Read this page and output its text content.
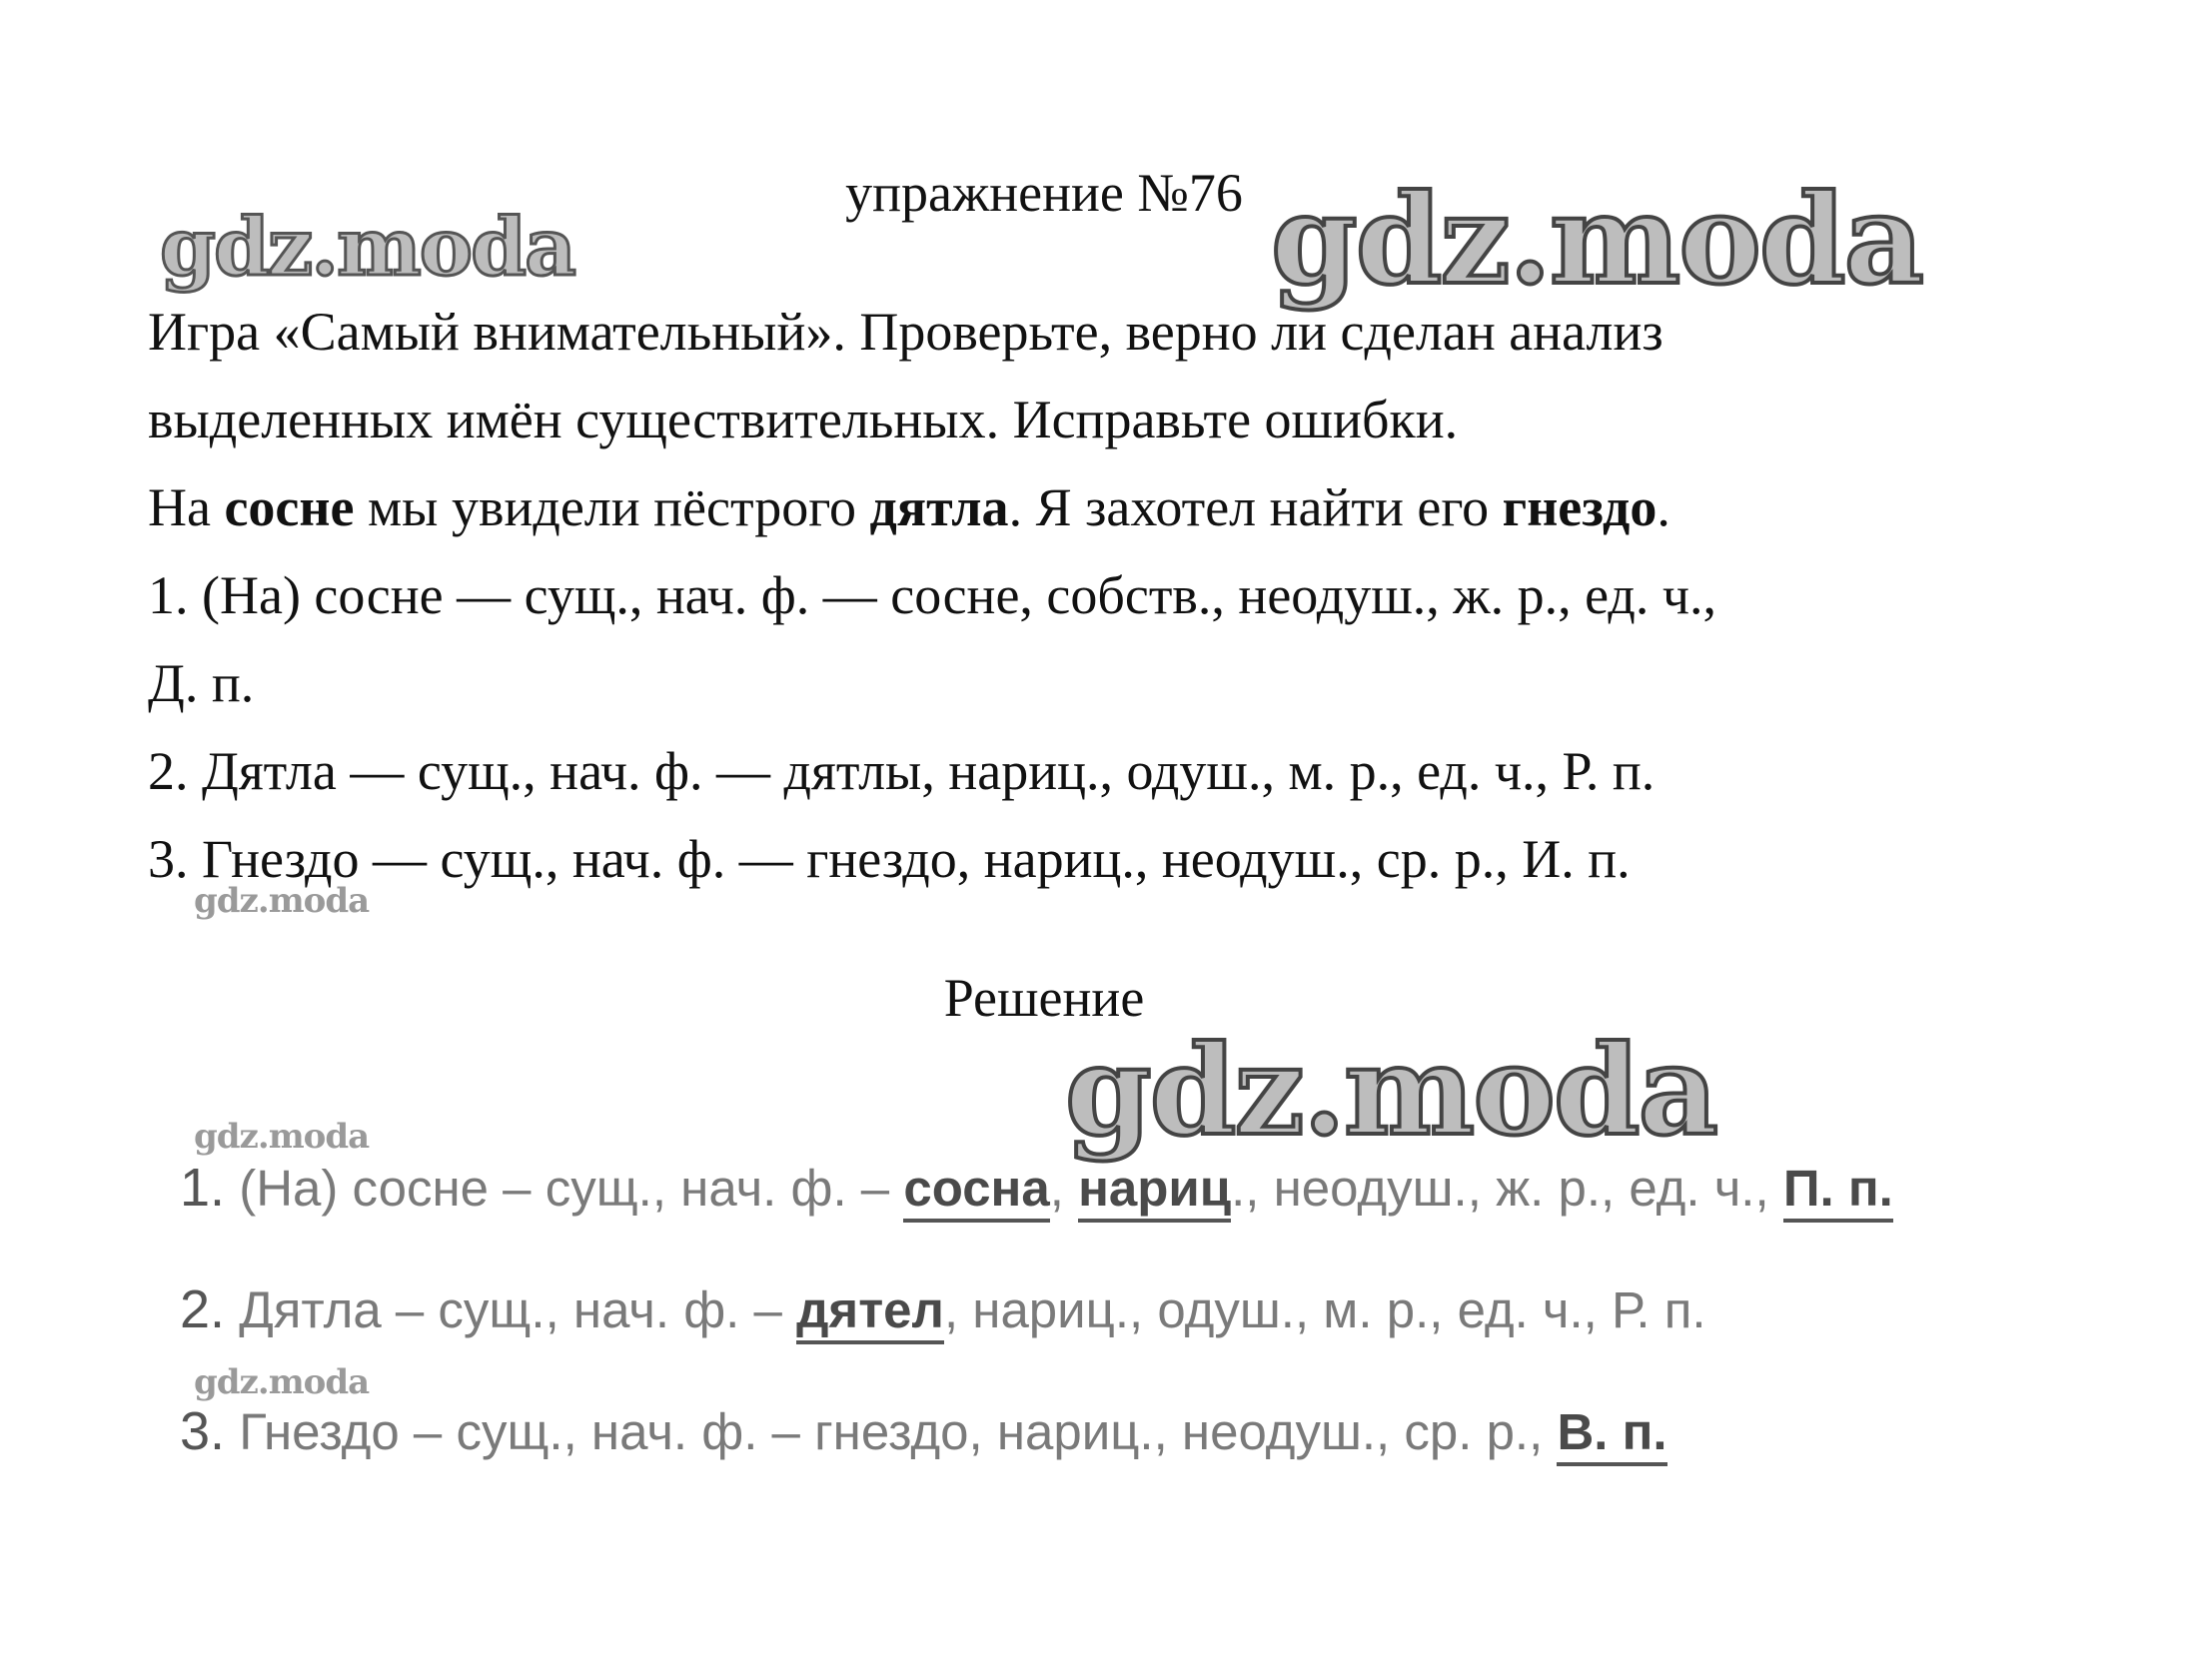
gdz.moda	gdz.moda
gdz.moda
gdz.moda
gdz.moda
gdz.moda
упражнение №76
Игра «Самый внимательный». Проверьте, верно ли сделан анализ
выделенных имён существительных. Исправьте ошибки.
На сосне мы увидели пёстрого дятла. Я захотел найти его гнездо.
1. (На) сосне — сущ., нач. ф. — сосне, собств., неодуш., ж. р., ед. ч.,
Д. п.
2. Дятла — сущ., нач. ф. — дятлы, нариц., одуш., м. р., ед. ч., Р. п.
3. Гнездо — сущ., нач. ф. — гнездо, нариц., неодуш., ср. р., И. п.
Решение
1. (На) сосне – сущ., нач. ф. – сосна, нариц., неодуш., ж. р., ед. ч., П. п.
2. Дятла – сущ., нач. ф. – дятел, нариц., одуш., м. р., ед. ч., Р. п.
3. Гнездо – сущ., нач. ф. – гнездо, нариц., неодуш., ср. р., В. п.
